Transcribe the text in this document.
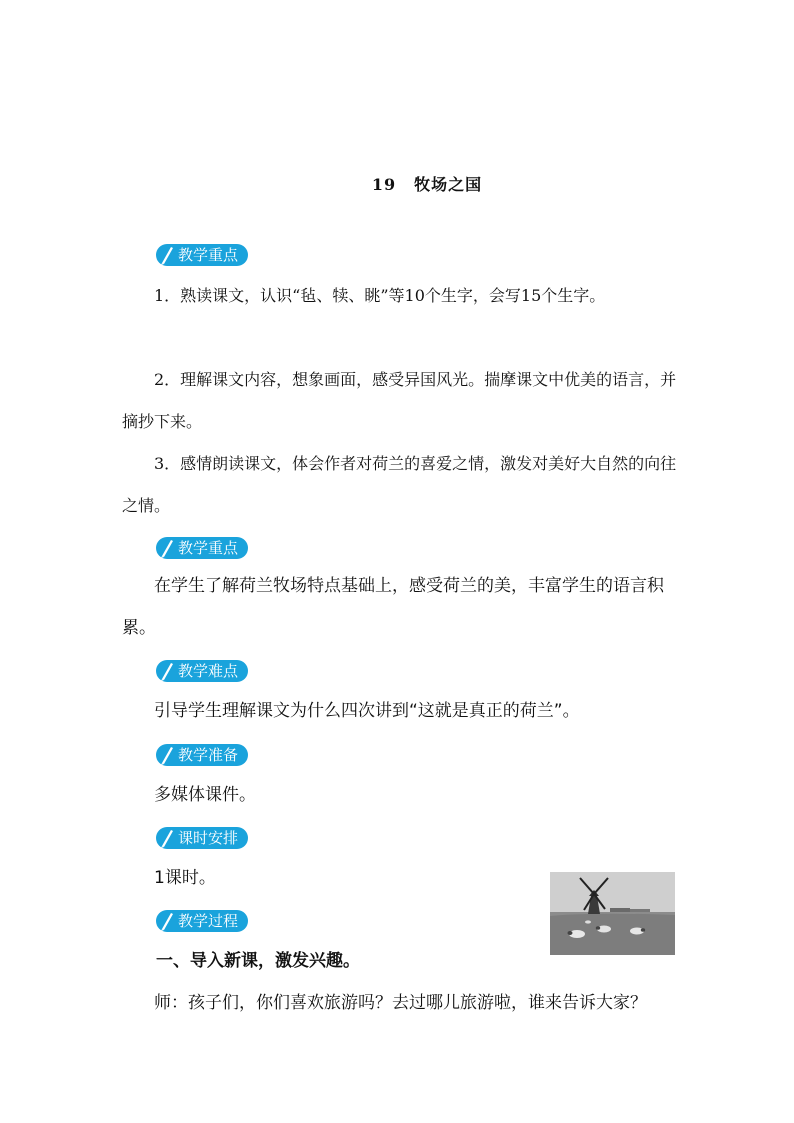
19 牧场之国
教学重点

1．熟读课文，认识“毡、犊、眺”等10个生字，会写15个生字。

2．理解课文内容，想象画面，感受异国风光。揣摩课文中优美的语言，并摘抄下来。

3．感情朗读课文，体会作者对荷兰的喜爱之情，激发对美好大自然的向往之情。

教学重点

在学生了解荷兰牧场特点基础上，感受荷兰的美，丰富学生的语言积累。

教学难点

引导学生理解课文为什么四次讲到“这就是真正的荷兰”。

教学准备

多媒体课件。

课时安排

1课时。

教学过程

一、导入新课，激发兴趣。

师：孩子们，你们喜欢旅游吗？去过哪儿旅游啦，谁来告诉大家？
